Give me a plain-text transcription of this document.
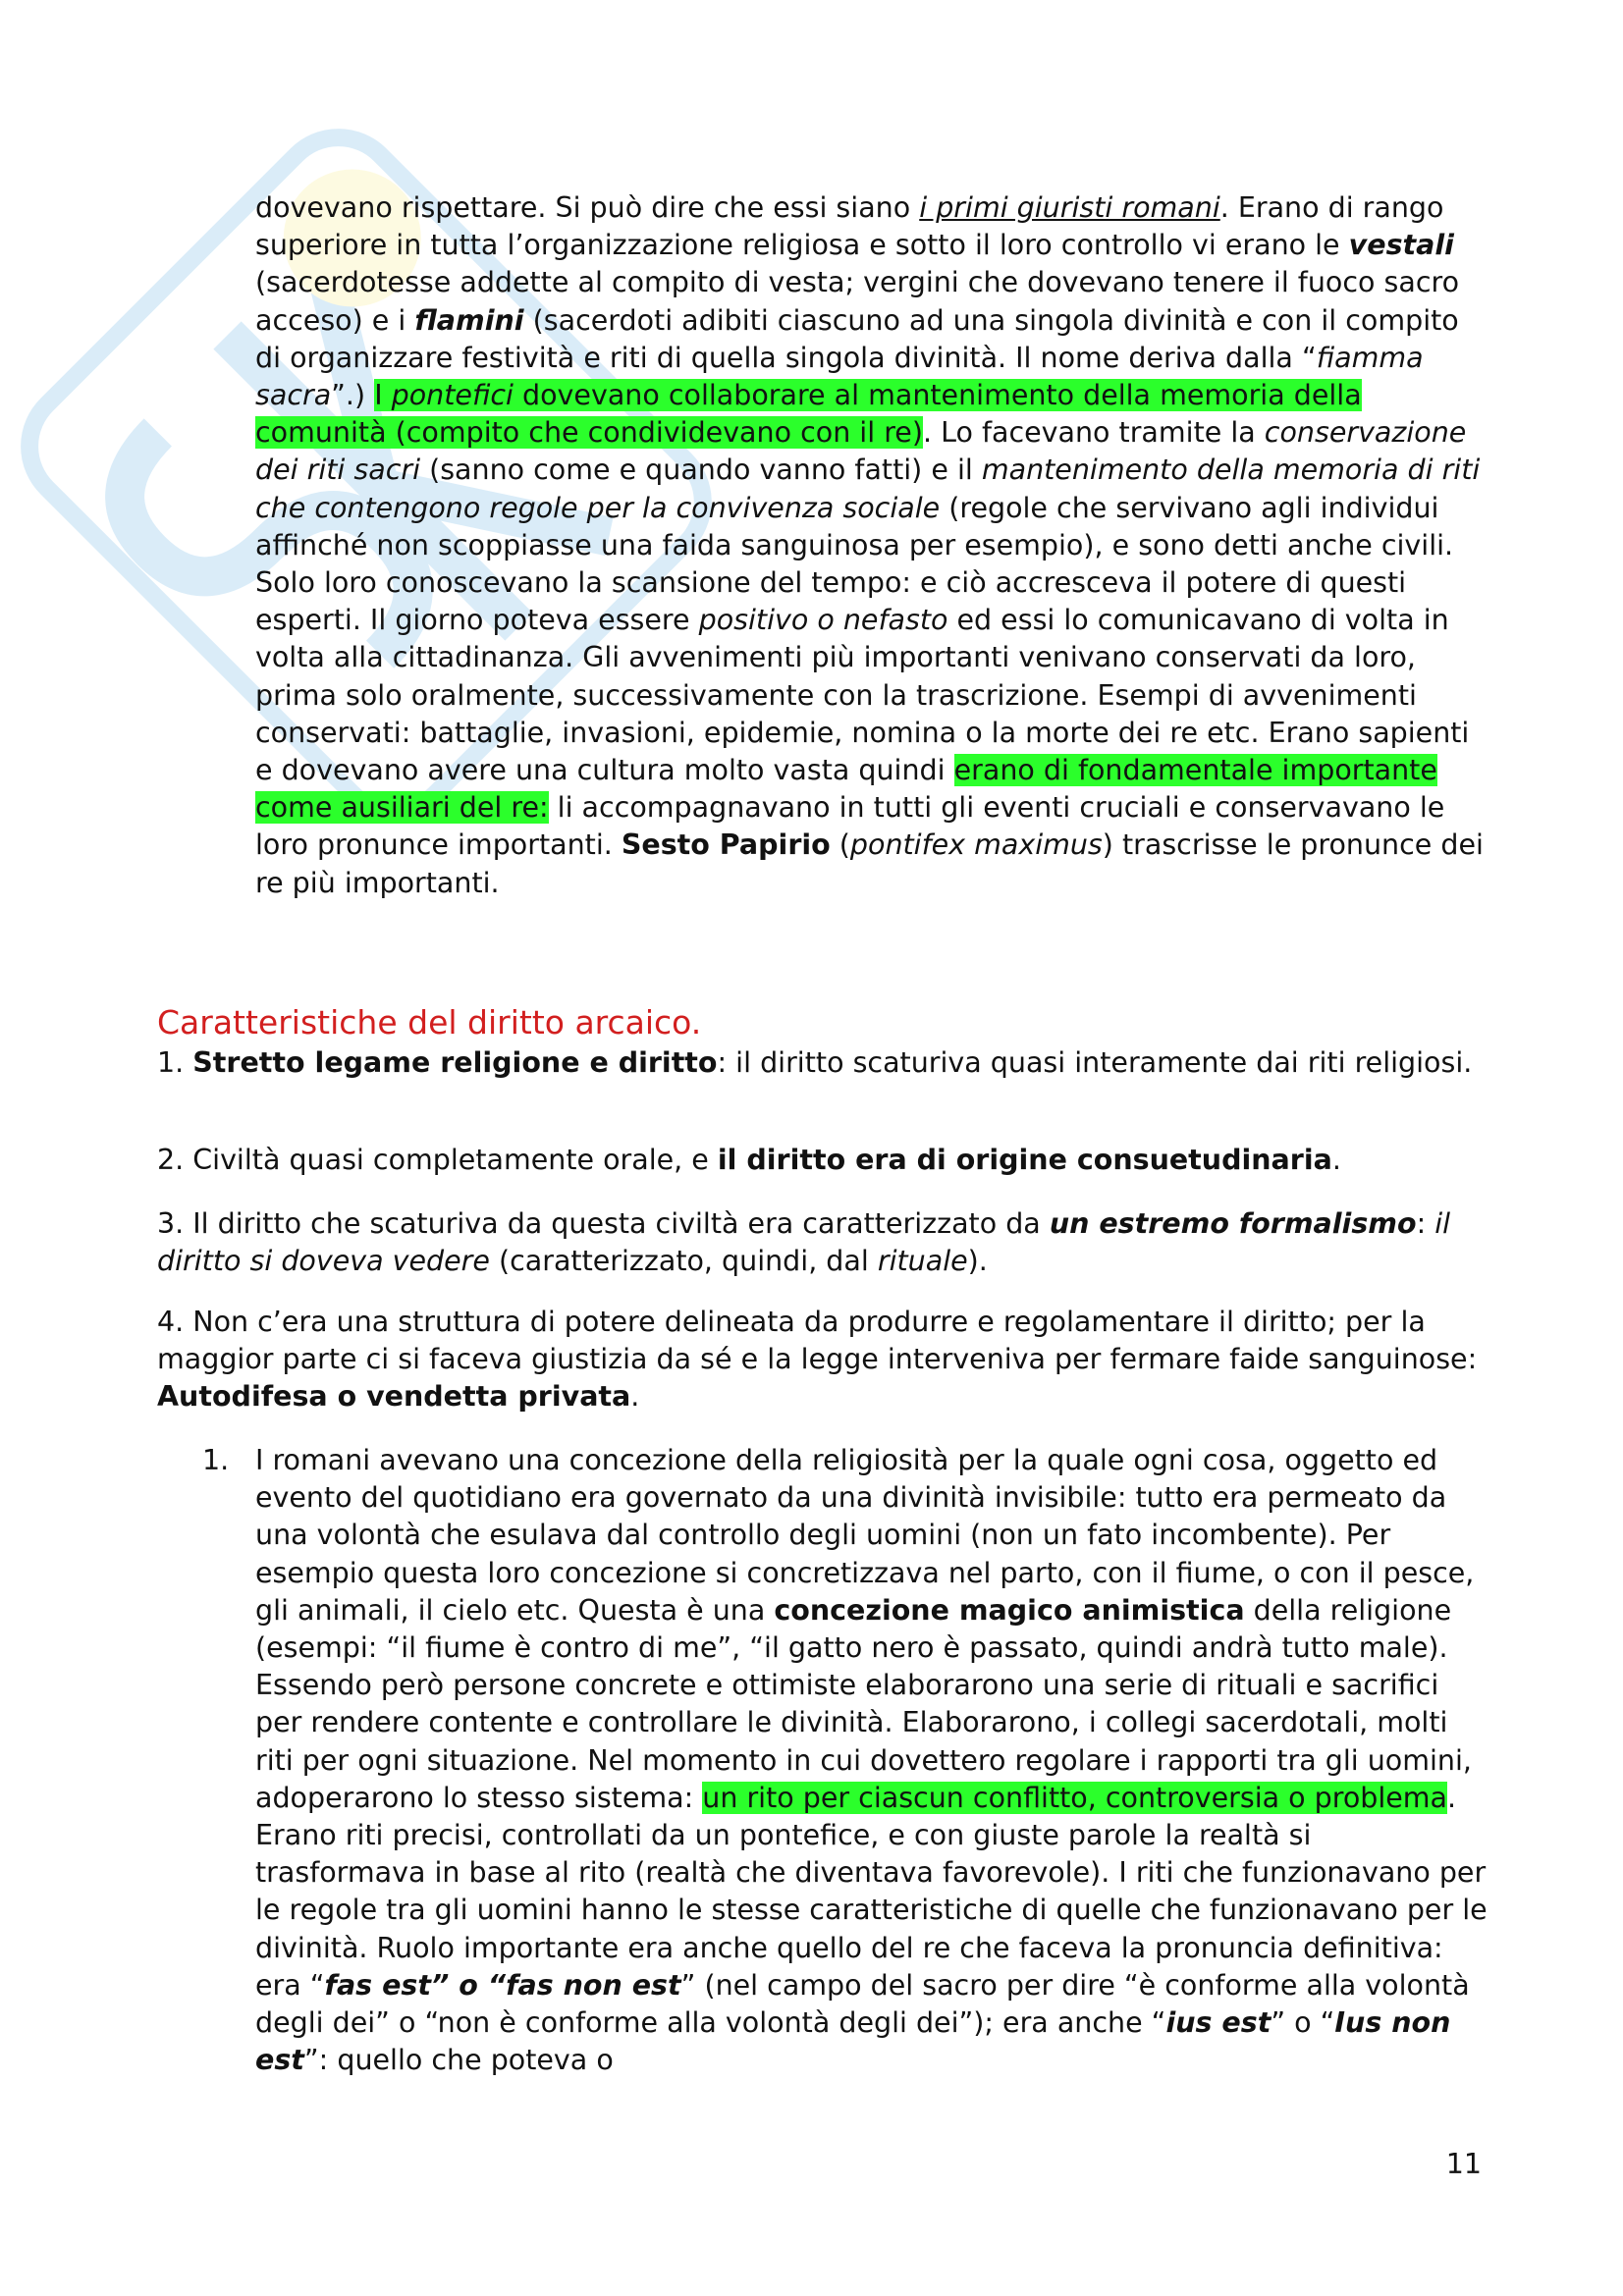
dovevano rispettare. Si può dire che essi siano i primi giuristi romani. Erano di rango superiore in tutta l’organizzazione religiosa e sotto il loro controllo vi erano le vestali (sacerdotesse addette al compito di vesta; vergini che dovevano tenere il fuoco sacro acceso) e i flamini (sacerdoti adibiti ciascuno ad una singola divinità e con il compito di organizzare festività e riti di quella singola divinità. Il nome deriva dalla “fiamma sacra”.) I pontefici dovevano collaborare al mantenimento della memoria della comunità (compito che condividevano con il re). Lo facevano tramite la conservazione dei riti sacri (sanno come e quando vanno fatti) e il mantenimento della memoria di riti che contengono regole per la convivenza sociale (regole che servivano agli individui affinché non scoppiasse una faida sanguinosa per esempio), e sono detti anche civili. Solo loro conoscevano la scansione del tempo: e ciò accresceva il potere di questi esperti. Il giorno poteva essere positivo o nefasto ed essi lo comunicavano di volta in volta alla cittadinanza. Gli avvenimenti più importanti venivano conservati da loro, prima solo oralmente, successivamente con la trascrizione. Esempi di avvenimenti conservati: battaglie, invasioni, epidemie, nomina o la morte dei re etc. Erano sapienti e dovevano avere una cultura molto vasta quindi erano di fondamentale importante come ausiliari del re: li accompagnavano in tutti gli eventi cruciali e conservavano le loro pronunce importanti. Sesto Papirio (pontifex maximus) trascrisse le pronunce dei re più importanti.

Caratteristiche del diritto arcaico.

1. Stretto legame religione e diritto: il diritto scaturiva quasi interamente dai riti religiosi.

2. Civiltà quasi completamente orale, e il diritto era di origine consuetudinaria.

3. Il diritto che scaturiva da questa civiltà era caratterizzato da un estremo formalismo: il diritto si doveva vedere (caratterizzato, quindi, dal rituale).

4. Non c’era una struttura di potere delineata da produrre e regolamentare il diritto; per la maggior parte ci si faceva giustizia da sé e la legge interveniva per fermare faide sanguinose: Autodifesa o vendetta privata.

1. I romani avevano una concezione della religiosità per la quale ogni cosa, oggetto ed evento del quotidiano era governato da una divinità invisibile: tutto era permeato da una volontà che esulava dal controllo degli uomini (non un fato incombente). Per esempio questa loro concezione si concretizzava nel parto, con il fiume, o con il pesce, gli animali, il cielo etc. Questa è una concezione magico animistica della religione (esempi: “il fiume è contro di me”, “il gatto nero è passato, quindi andrà tutto male). Essendo però persone concrete e ottimiste elaborarono una serie di rituali e sacrifici per rendere contente e controllare le divinità. Elaborarono, i collegi sacerdotali, molti riti per ogni situazione. Nel momento in cui dovettero regolare i rapporti tra gli uomini, adoperarono lo stesso sistema: un rito per ciascun conflitto, controversia o problema. Erano riti precisi, controllati da un pontefice, e con giuste parole la realtà si trasformava in base al rito (realtà che diventava favorevole). I riti che funzionavano per le regole tra gli uomini hanno le stesse caratteristiche di quelle che funzionavano per le divinità. Ruolo importante era anche quello del re che faceva la pronuncia definitiva: era “fas est” o “fas non est” (nel campo del sacro per dire “è conforme alla volontà degli dei” o “non è conforme alla volontà degli dei”); era anche “ius est” o “Ius non est”: quello che poteva o

11
